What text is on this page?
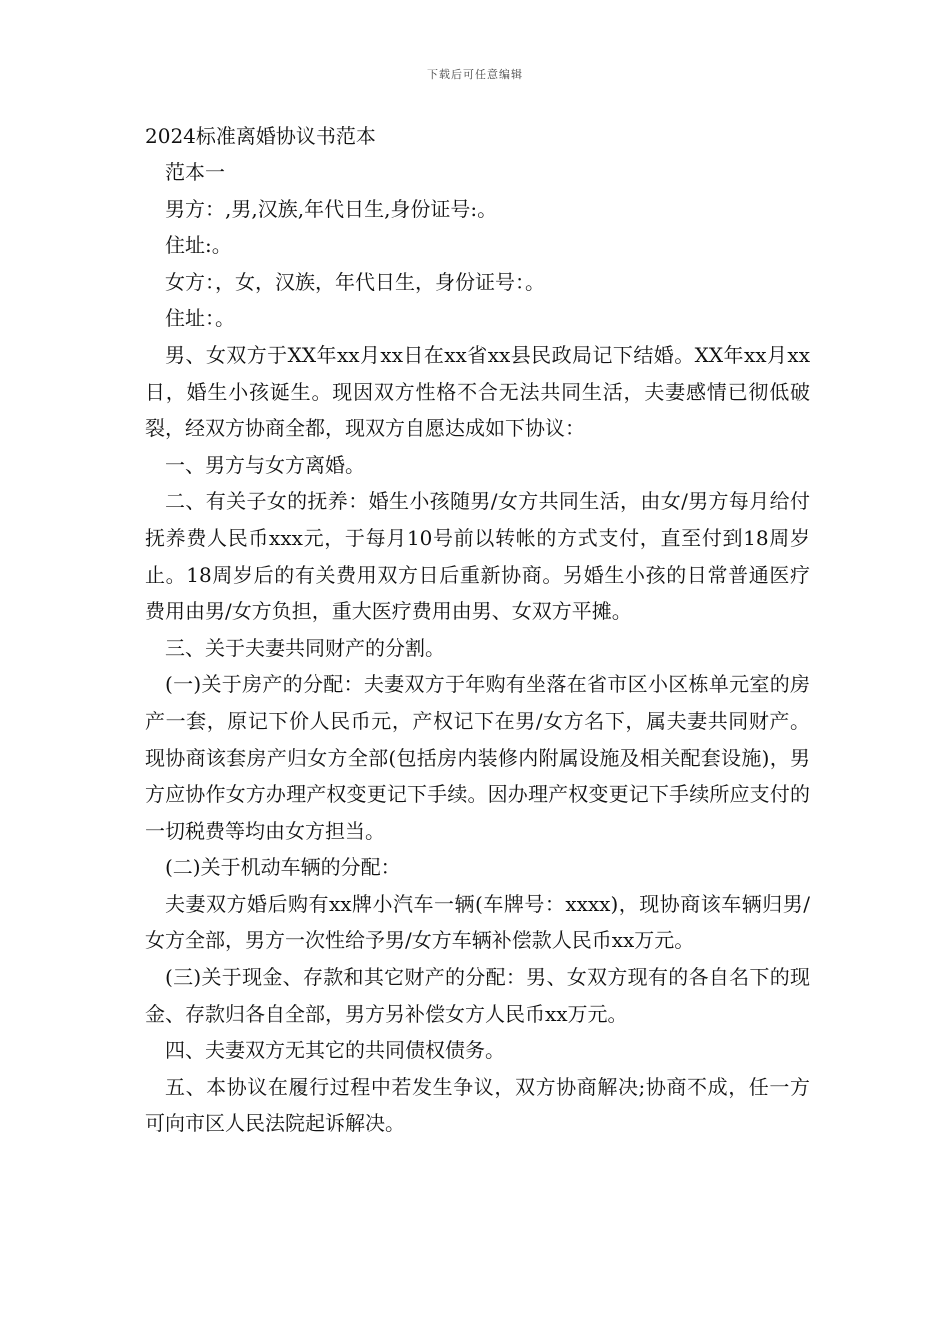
下载后可任意编辑

2024标准离婚协议书范本

范本一

男方：,男,汉族,年代日生,身份证号:。

住址:。

女方：，女，汉族，年代日生，身份证号：。

住址：。

男、女双方于XX年xx月xx日在xx省xx县民政局记下结婚。XX年xx月xx日，婚生小孩诞生。现因双方性格不合无法共同生活，夫妻感情已彻低破裂，经双方协商全都，现双方自愿达成如下协议：

一、男方与女方离婚。

二、有关子女的抚养：婚生小孩随男/女方共同生活，由女/男方每月给付抚养费人民币xxx元，于每月10号前以转帐的方式支付，直至付到18周岁止。18周岁后的有关费用双方日后重新协商。另婚生小孩的日常普通医疗费用由男/女方负担，重大医疗费用由男、女双方平摊。

三、关于夫妻共同财产的分割。

(一)关于房产的分配：夫妻双方于年购有坐落在省市区小区栋单元室的房产一套，原记下价人民币元，产权记下在男/女方名下，属夫妻共同财产。现协商该套房产归女方全部(包括房内装修内附属设施及相关配套设施)，男方应协作女方办理产权变更记下手续。因办理产权变更记下手续所应支付的一切税费等均由女方担当。

(二)关于机动车辆的分配：

夫妻双方婚后购有xx牌小汽车一辆(车牌号：xxxx)，现协商该车辆归男/女方全部，男方一次性给予男/女方车辆补偿款人民币xx万元。

(三)关于现金、存款和其它财产的分配：男、女双方现有的各自名下的现金、存款归各自全部，男方另补偿女方人民币xx万元。

四、夫妻双方无其它的共同债权债务。

五、本协议在履行过程中若发生争议，双方协商解决;协商不成，任一方可向市区人民法院起诉解决。
